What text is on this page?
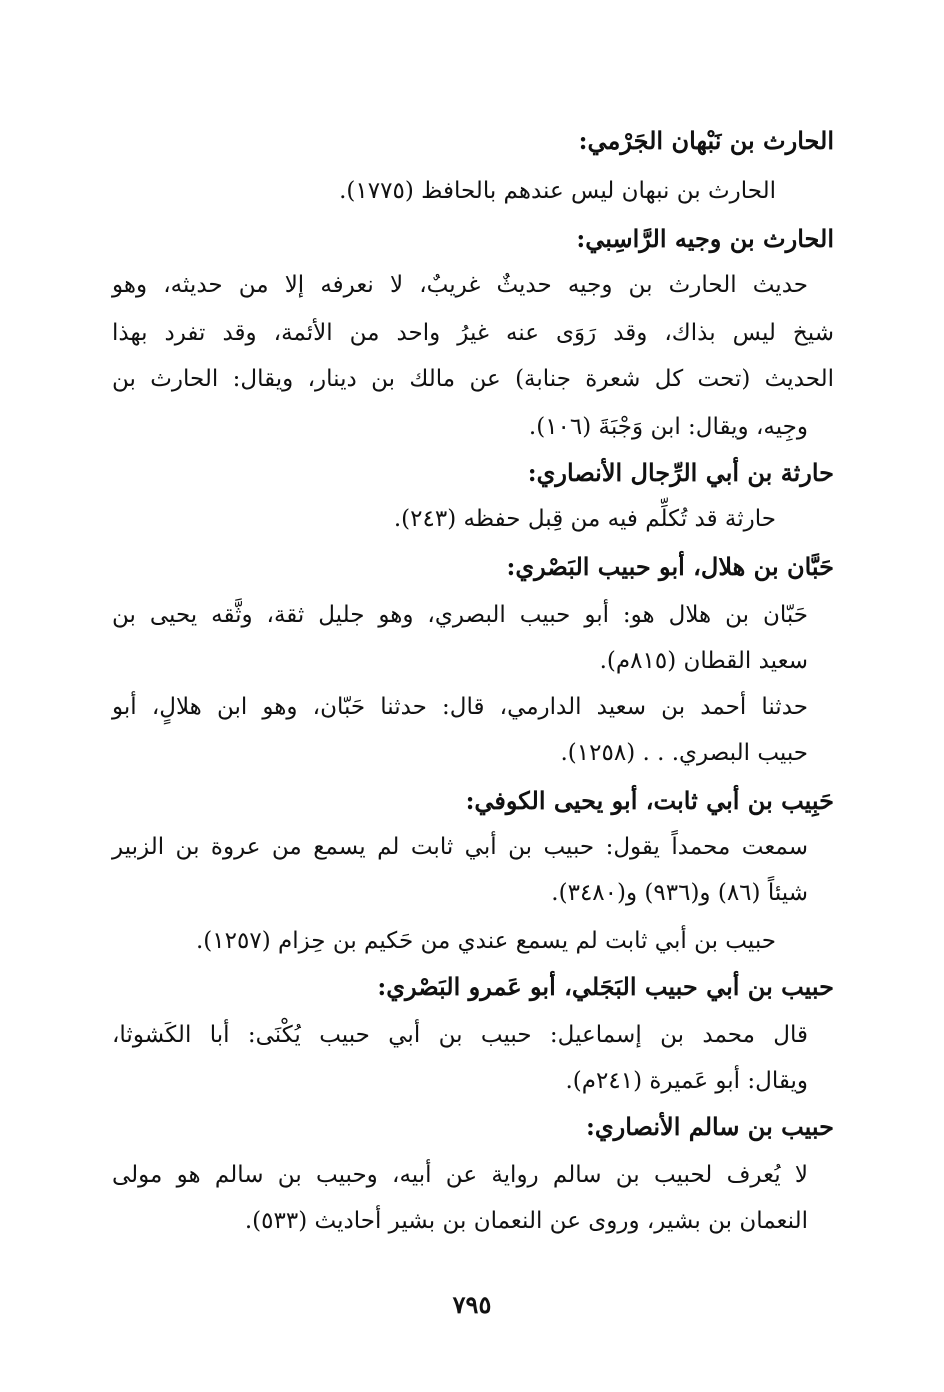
الحارث بن نَبْهان الجَرْمي:
الحارث بن نبهان ليس عندهم بالحافظ (١٧٧٥).
الحارث بن وجيه الرَّاسِبي:
حديث الحارث بن وجيه حديثٌ غريبٌ، لا نعرفه إلا من حديثه، وهو
شيخ ليس بذاك، وقد رَوَى عنه غيرُ واحد من الأئمة، وقد تفرد بهذا
الحديث (تحت كل شعرة جنابة) عن مالك بن دينار، ويقال: الحارث بن
وجِيه، ويقال: ابن وَجْبَةَ (١٠٦).
حارثة بن أبي الرِّجال الأنصاري:
حارثة قد تُكلِّم فيه من قِبل حفظه (٢٤٣).
حَبَّان بن هلال، أبو حبيب البَصْري:
حَبّان بن هلال هو: أبو حبيب البصري، وهو جليل ثقة، وثَّقه يحيى بن
سعيد القطان (٨١٥م).
حدثنا أحمد بن سعيد الدارمي، قال: حدثنا حَبّان، وهو ابن هلالٍ، أبو
حبيب البصري. . . (١٢٥٨).
حَبِيب بن أبي ثابت، أبو يحيى الكوفي:
سمعت محمداً يقول: حبيب بن أبي ثابت لم يسمع من عروة بن الزبير
شيئاً (٨٦) و(٩٣٦) و(٣٤٨٠).
حبيب بن أبي ثابت لم يسمع عندي من حَكيم بن حِزام (١٢٥٧).
حبيب بن أبي حبيب البَجَلي، أبو عَمرو البَصْري:
قال محمد بن إسماعيل: حبيب بن أبي حبيب يُكْنَى: أبا الكَشوثا،
ويقال: أبو عَميرة (٢٤١م).
حبيب بن سالم الأنصاري:
لا يُعرف لحبيب بن سالم رواية عن أبيه، وحبيب بن سالم هو مولى
النعمان بن بشير، وروى عن النعمان بن بشير أحاديث (٥٣٣).
٧٩٥
